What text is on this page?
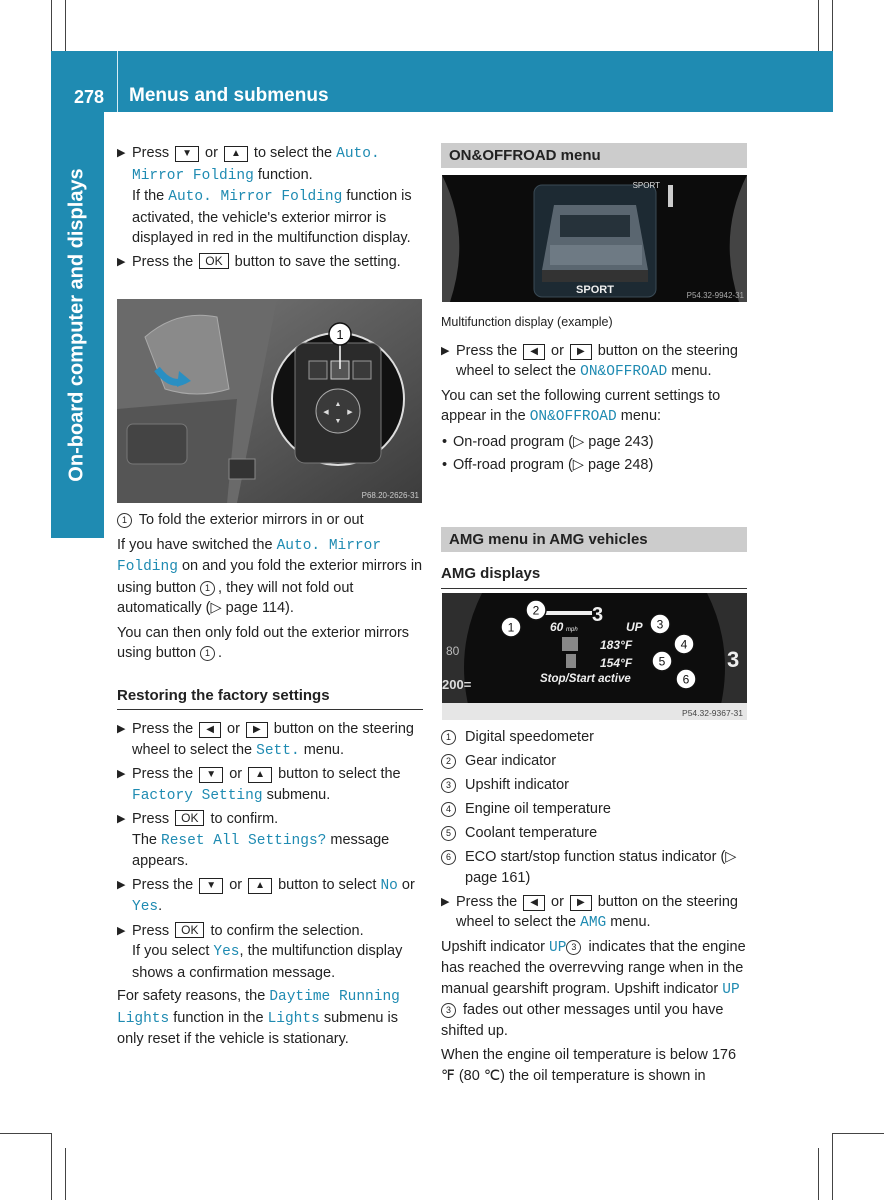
278 Menus and submenus
On-board computer and displays
▶ Press ▼ or ▲ to select the Auto. Mirror Folding function.
If the Auto. Mirror Folding function is activated, the vehicle's exterior mirror is displayed in red in the multifunction display.
▶ Press the OK button to save the setting.
▲
▼
◀	▶
1
P68.20-2626-31

1 To fold the exterior mirrors in or out

If you have switched the Auto. Mirror Folding on and you fold the exterior mirrors in using button 1 , they will not fold out automatically (▷ page 114).

You can then only fold out the exterior mirrors using button 1 .

Restoring the factory settings
▶ Press the ◀ or ▶ button on the steering wheel to select the Sett. menu.
▶ Press the ▼ or ▲ button to select the Factory Setting submenu.
▶ Press OK to confirm.
The Reset All Settings? message appears.
▶ Press the ▼ or ▲ button to select No or Yes.
▶ Press OK to confirm the selection.
If you select Yes, the multifunction display shows a confirmation message.

For safety reasons, the Daytime Running Lights function in the Lights submenu is only reset if the vehicle is stationary.

ON&OFFROAD menu
SPORT
SPORT	P54.32-9942-31

Multifunction display (example)

▶ Press the ◀ or ▶ button on the steering wheel to select the ON&OFFROAD menu.

You can set the following current settings to appear in the ON&OFFROAD menu:

• On-road program (▷ page 243)
• Off-road program (▷ page 248)
AMG menu in AMG vehicles
AMG displays
80
200=
3
3
60 mph	UP
183°F
154°F
Stop/Start active
2
1	3
4
5
6
P54.32-9367-31
1 Digital speedometer
2 Gear indicator
3 Upshift indicator
4 Engine oil temperature
5 Coolant temperature
6 ECO start/stop function status indicator (▷ page 161)
▶ Press the ◀ or ▶ button on the steering wheel to select the AMG menu.

Upshift indicator UP 3 indicates that the engine has reached the overrevving range when in the manual gearshift program. Upshift indicator UP3 fades out other messages until you have shifted up.

When the engine oil temperature is below 176 ℉ (80 ℃) the oil temperature is shown in
